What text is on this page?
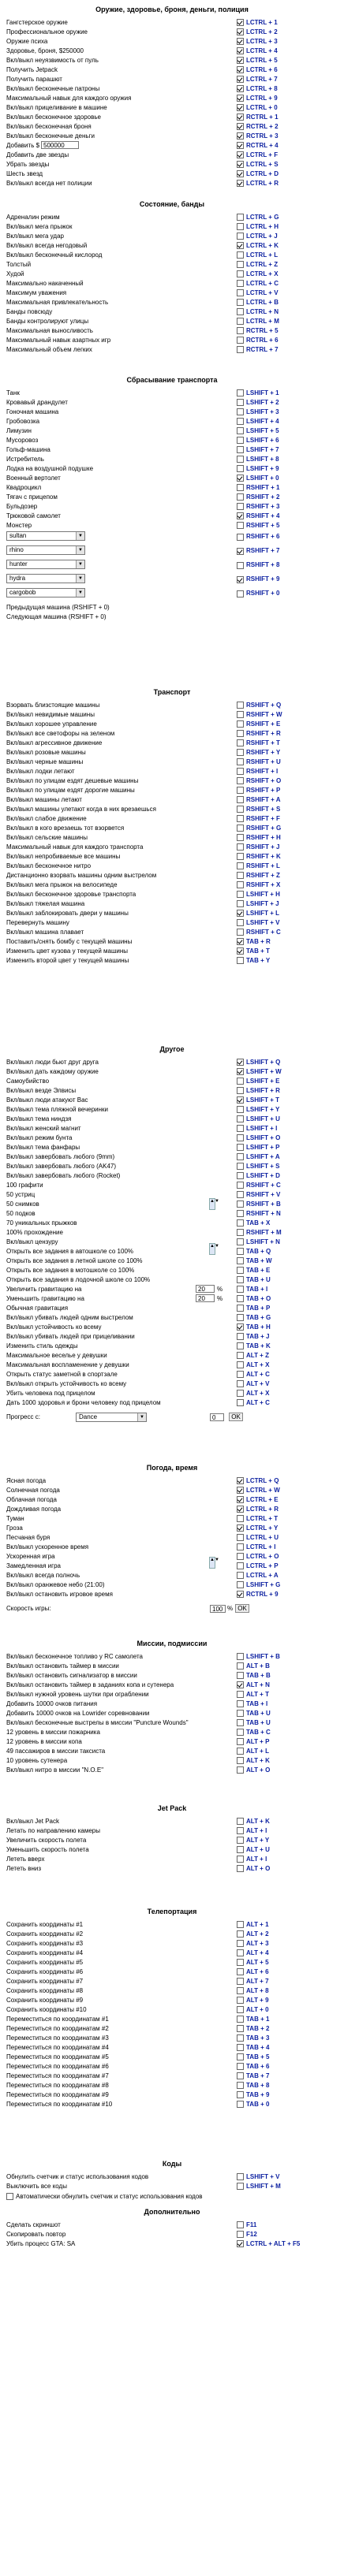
Оружие, здоровье, броня, деньги, полиция
Гангстерское оружие	LCTRL + 1
Профессиональное оружие	LCTRL + 2
Оружие психа	LCTRL + 3
Здоровье, броня, $250000	LCTRL + 4
Вкл/выкл неуязвимость от пуль	LCTRL + 5
Получить Jetpack	LCTRL + 6
Получить парашют	LCTRL + 7
Вкл/выкл бесконечные патроны	LCTRL + 8
Максимальный навык для каждого оружия	LCTRL + 9
Вкл/выкл прицеливание в машине	LCTRL + 0
Вкл/выкл бесконечное здоровье	RCTRL + 1
Вкл/выкл бесконечная броня	RCTRL + 2
Вкл/выкл бесконечные деньги	RCTRL + 3
Добавить $ 500000	RCTRL + 4
Добавить две звезды	LCTRL + F
Убрать звезды	LCTRL + S
Шесть звезд	LCTRL + D
Вкл/выкл всегда нет полиции	LCTRL + R
Состояние, банды
Адреналин режим	LCTRL + G
Вкл/выкл мега прыжок	LCTRL + H
Вкл/выкл мега удар	LCTRL + J
Вкл/выкл всегда негодовый	LCTRL + K
Вкл/выкл бесконечный кислород	LCTRL + L
Толстый	LCTRL + Z
Худой	LCTRL + X
Максимально накаченный	LCTRL + C
Максимум уважения	LCTRL + V
Максимальная привлекательность	LCTRL + B
Банды повсюду	LCTRL + N
Банды контролируют улицы	LCTRL + M
Максимальная выносливость	RCTRL + 5
Максимальный навык азартных игр	RCTRL + 6
Максимальный объем легких	RCTRL + 7
Сбрасывание транспорта
Танк	LSHIFT + 1
Кровавый драндулет	LSHIFT + 2
Гоночная машина	LSHIFT + 3
Гробовозка	LSHIFT + 4
Лимузин	LSHIFT + 5
Мусоровоз	LSHIFT + 6
Гольф-машина	LSHIFT + 7
Истребитель	LSHIFT + 8
Лодка на воздушной подушке	LSHIFT + 9
Военный вертолет	LSHIFT + 0
Квадроцикл	RSHIFT + 1
Тягач с прицепом	RSHIFT + 2
Бульдозер	RSHIFT + 3
Трюковой самолет	RSHIFT + 4
Монстер	RSHIFT + 5
sultan	▼	RSHIFT + 6
rhino	▼	RSHIFT + 7
hunter	▼	RSHIFT + 8
hydra	▼	RSHIFT + 9
cargobob	▼	RSHIFT + 0
Предыдущая машина (RSHIFT + 0)
Следующая машина (RSHIFT + 0)
Транспорт
Взорвать близстоящие машины	RSHIFT + Q
Вкл/выкл невидимые машины	RSHIFT + W
Вкл/выкл хорошее управление	RSHIFT + E
Вкл/выкл все светофоры на зеленом	RSHIFT + R
Вкл/выкл агрессивное движение	RSHIFT + T
Вкл/выкл розовые машины	RSHIFT + Y
Вкл/выкл черные машины	RSHIFT + U
Вкл/выкл лодки летают	RSHIFT + I
Вкл/выкл по улицам ездят дешевые машины	RSHIFT + O
Вкл/выкл по улицам ездят дорогие машины	RSHIFT + P
Вкл/выкл машины летают	RSHIFT + A
Вкл/выкл машины улетают когда в них врезаешься	RSHIFT + S
Вкл/выкл слабое движение	RSHIFT + F
Вкл/выкл в кого врезаешь тот взорвется	RSHIFT + G
Вкл/выкл сельские машины	RSHIFT + H
Максимальный навык для каждого транспорта	RSHIFT + J
Вкл/выкл непробиваемые все машины	RSHIFT + K
Вкл/выкл бесконечное нитро	RSHIFT + L
Дистанционно взорвать машины одним выстрелом	RSHIFT + Z
Вкл/выкл мега прыжок на велосипеде	RSHIFT + X
Вкл/выкл бесконечное здоровье транспорта	LSHIFT + H
Вкл/выкл тяжелая машина	LSHIFT + J
Вкл/выкл заблокировать двери у машины	LSHIFT + L
Перевернуть машину	LSHIFT + V
Вкл/выкл машина плавает	RSHIFT + C
Поставить/снять бомбу с текущей машины	TAB + R
Изменить цвет кузова у текущей машины	TAB + T
Изменить второй цвет у текущей машины	TAB + Y
Другое
Вкл/выкл люди бьют друг друга	LSHIFT + Q
Вкл/выкл дать каждому оружие	LSHIFT + W
Самоубийство	LSHIFT + E
Вкл/выкл везде Элвисы	LSHIFT + R
Вкл/выкл люди атакуют Вас	LSHIFT + T
Вкл/выкл тема пляжной вечеринки	LSHIFT + Y
Вкл/выкл тема ниндзя	LSHIFT + U
Вкл/выкл женский магнит	LSHIFT + I
Вкл/выкл режим бунта	LSHIFT + O
Вкл/выкл тема фанфары	LSHIFT + P
Вкл/выкл завербовать любого (9mm)	LSHIFT + A
Вкл/выкл завербовать любого (AK47)	LSHIFT + S
Вкл/выкл завербовать любого (Rocket)	LSHIFT + D
100 графити	RSHIFT + C
50 устриц	RSHIFT + V
50 снимков	RSHIFT + B
50 подков	RSHIFT + N
70 уникальных прыжков	TAB + X
100% прохождение	RSHIFT + M
Вкл/выкл цензуру	LSHIFT + N
Открыть все задания в автошколе со 100%	TAB + Q
Открыть все задания в летной школе со 100%	TAB + W
Открыть все задания в мотошколе со 100%	TAB + E
Открыть все задания в лодочной школе со 100%	TAB + U
Увеличить гравитацию на	20	%	TAB + I
Уменьшить гравитацию на	20	%	TAB + O
Обычная гравитация	TAB + P
Вкл/выкл убивать людей одним выстрелом	TAB + G
Вкл/выкл устойчивость ко всему	TAB + H
Вкл/выкл убивать людей при прицеливании	TAB + J
Изменить стиль одежды	TAB + K
Максимальное веселье у девушки	ALT + Z
Максимальная воспламенение у девушки	ALT + X
Открыть статус заметной в спортзале	ALT + C
Вкл/выкл открыть устойчивость ко всему	ALT + V
Убить человека под прицелом	ALT + X
Дать 1000 здоровья и брони человеку под прицелом	ALT + C
Прогресс с:	Dance	▼	0	OK
Погода, время
Ясная погода	LCTRL + Q
Солнечная погода	LCTRL + W
Облачная погода	LCTRL + E
Дождливая погода	LCTRL + R
Туман	LCTRL + T
Гроза	LCTRL + Y
Песчаная буря	LCTRL + U
Вкл/выкл ускоренное время	LCTRL + I
Ускоренная игра	LCTRL + O
Замедленная игра	LCTRL + P
Вкл/выкл всегда полночь	LCTRL + A
Вкл/выкл оранжевое небо (21:00)	LSHIFT + G
Вкл/выкл остановить игровое время	RCTRL + 9
Скорость игры:	100 % OK
Миссии, подмиссии
Вкл/выкл бесконечное топливо у RC самолета	LSHIFT + B
Вкл/выкл остановить таймер в миссии	ALT + B
Вкл/выкл остановить сигнализатор в миссии	TAB + B
Вкл/выкл остановить таймер в заданиях копа и сутенера	ALT + N
Вкл/выкл нужной уровень шутки при ограблении	ALT + T
Добавить 10000 очков питания	TAB + I
Добавить 10000 очков на Lowrider соревновании	TAB + U
Вкл/выкл бесконечные выстрелы в миссии "Puncture Wounds"	TAB + U
12 уровень в миссии пожарника	TAB + C
12 уровень в миссии копа	ALT + P
49 пассажиров в миссии таксиста	ALT + L
10 уровень сутенера	ALT + K
Вкл/выкл нитро в миссии "N.O.E"	ALT + O
Jet Pack
Вкл/выкл Jet Pack	ALT + K
Летать по направлению камеры	ALT + I
Увеличить скорость полета	ALT + Y
Уменьшить скорость полета	ALT + U
Лететь вверх	ALT + I
Лететь вниз	ALT + O
Телепортация
Сохранить координаты #1	ALT + 1
Сохранить координаты #2	ALT + 2
Сохранить координаты #3	ALT + 3
Сохранить координаты #4	ALT + 4
Сохранить координаты #5	ALT + 5
Сохранить координаты #6	ALT + 6
Сохранить координаты #7	ALT + 7
Сохранить координаты #8	ALT + 8
Сохранить координаты #9	ALT + 9
Сохранить координаты #10	ALT + 0
Переместиться по координатам #1	TAB + 1
Переместиться по координатам #2	TAB + 2
Переместиться по координатам #3	TAB + 3
Переместиться по координатам #4	TAB + 4
Переместиться по координатам #5	TAB + 5
Переместиться по координатам #6	TAB + 6
Переместиться по координатам #7	TAB + 7
Переместиться по координатам #8	TAB + 8
Переместиться по координатам #9	TAB + 9
Переместиться по координатам #10	TAB + 0
Коды
Обнулить счетчик и статус использования кодов	LSHIFT + V
Выключить все коды	LSHIFT + M
Автоматически обнулить счетчик и статус использования кодов
Дополнительно
Сделать скриншот	F11
Скопировать повтор	F12
Убить процесс GTA: SA	LCTRL + ALT + F5
▲▼
▲▼
▲▼
